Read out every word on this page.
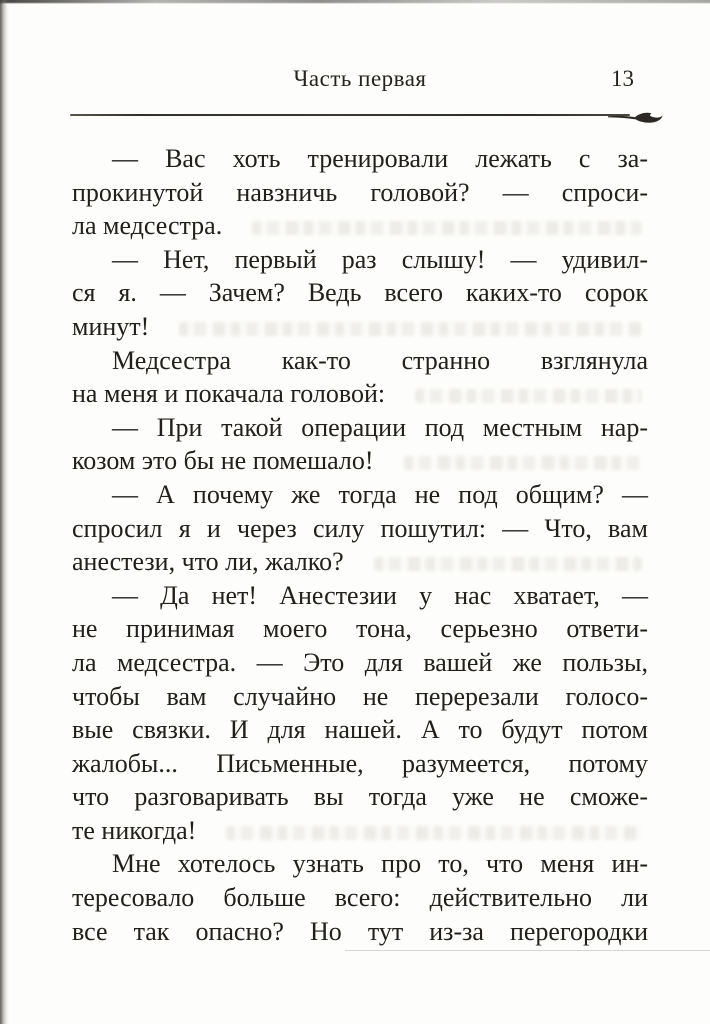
Часть первая	13
— Вас хоть тренировали лежать с за-
прокинутой навзничь головой? — спроси-
ла медсестра.
— Нет, первый раз слышу! — удивил-
ся я. — Зачем? Ведь всего каких-то сорок
минут!
Медсестра как-то странно взглянула
на меня и покачала головой:
— При такой операции под местным нар-
козом это бы не помешало!
— А почему же тогда не под общим? —
спросил я и через силу пошутил: — Что, вам
анестези, что ли, жалко?
— Да нет! Анестезии у нас хватает, —
не принимая моего тона, серьезно ответи-
ла медсестра. — Это для вашей же пользы,
чтобы вам случайно не перерезали голосо-
вые связки. И для нашей. А то будут потом
жалобы... Письменные, разумеется, потому
что разговаривать вы тогда уже не сможе-
те никогда!
Мне хотелось узнать про то, что меня ин-
тересовало больше всего: действительно ли
все так опасно? Но тут из-за перегородки
